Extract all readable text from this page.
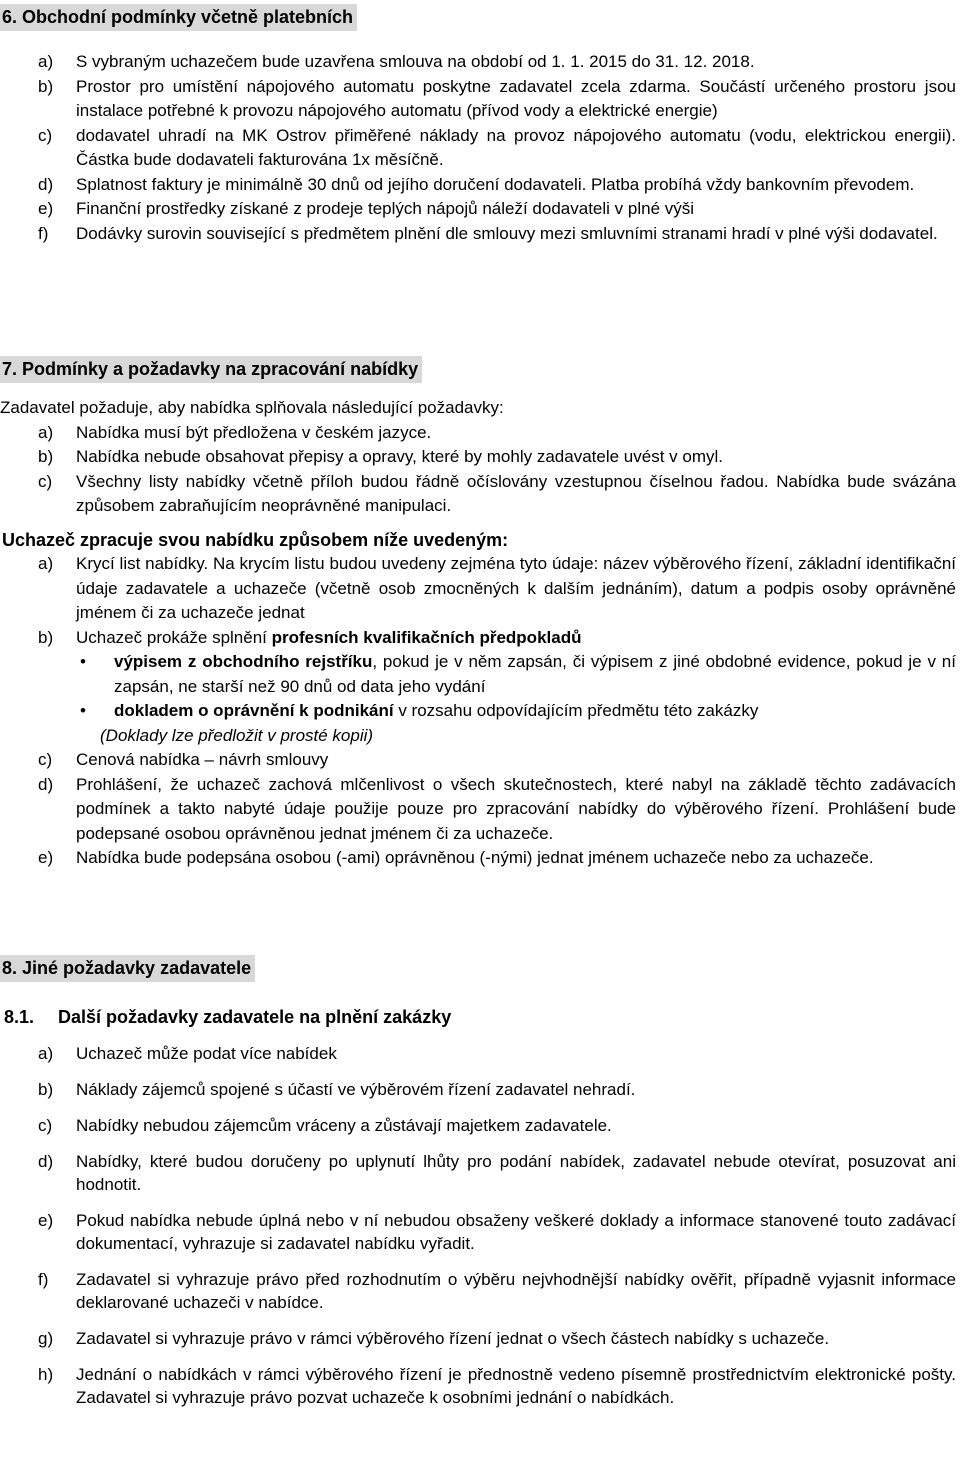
6. Obchodní podmínky včetně platebních
a) S vybraným uchazečem bude uzavřena smlouva na období od 1. 1. 2015 do 31. 12. 2018.
b) Prostor pro umístění nápojového automatu poskytne zadavatel zcela zdarma. Součástí určeného prostoru jsou instalace potřebné k provozu nápojového automatu (přívod vody a elektrické energie)
c) dodavatel uhradí na MK Ostrov přiměřené náklady na provoz nápojového automatu (vodu, elektrickou energii). Částka bude dodavateli fakturována 1x měsíčně.
d) Splatnost faktury je minimálně 30 dnů od jejího doručení dodavateli. Platba probíhá vždy bankovním převodem.
e) Finanční prostředky získané z prodeje teplých nápojů náleží dodavateli v plné výši
f) Dodávky surovin související s předmětem plnění dle smlouvy mezi smluvními stranami hradí v plné výši dodavatel.
7. Podmínky a požadavky na zpracování nabídky
Zadavatel požaduje, aby nabídka splňovala následující požadavky:
a) Nabídka musí být předložena v českém jazyce.
b) Nabídka nebude obsahovat přepisy a opravy, které by mohly zadavatele uvést v omyl.
c) Všechny listy nabídky včetně příloh budou řádně očíslovány vzestupnou číselnou řadou. Nabídka bude svázána způsobem zabraňujícím neoprávněné manipulaci.
Uchazeč zpracuje svou nabídku způsobem níže uvedeným:
a) Krycí list nabídky. Na krycím listu budou uvedeny zejména tyto údaje: název výběrového řízení, základní identifikační údaje zadavatele a uchazeče (včetně osob zmocněných k dalším jednáním), datum a podpis osoby oprávněné jménem či za uchazeče jednat
b) Uchazeč prokáže splnění profesních kvalifikačních předpokladů
• výpisem z obchodního rejstříku, pokud je v něm zapsán, či výpisem z jiné obdobné evidence, pokud je v ní zapsán, ne starší než 90 dnů od data jeho vydání
• dokladem o oprávnění k podnikání v rozsahu odpovídajícím předmětu této zakázky
(Doklady lze předložit v prosté kopii)
c) Cenová nabídka – návrh smlouvy
d) Prohlášení, že uchazeč zachová mlčenlivost o všech skutečnostech, které nabyl na základě těchto zadávacích podmínek a takto nabyté údaje použije pouze pro zpracování nabídky do výběrového řízení. Prohlášení bude podepsané osobou oprávněnou jednat jménem či za uchazeče.
e) Nabídka bude podepsána osobou (-ami) oprávněnou (-nými) jednat jménem uchazeče nebo za uchazeče.
8. Jiné požadavky zadavatele
8.1. Další požadavky zadavatele na plnění zakázky
a) Uchazeč může podat více nabídek
b) Náklady zájemců spojené s účastí ve výběrovém řízení zadavatel nehradí.
c) Nabídky nebudou zájemcům vráceny a zůstávají majetkem zadavatele.
d) Nabídky, které budou doručeny po uplynutí lhůty pro podání nabídek, zadavatel nebude otevírat, posuzovat ani hodnotit.
e) Pokud nabídka nebude úplná nebo v ní nebudou obsaženy veškeré doklady a informace stanovené touto zadávací dokumentací, vyhrazuje si zadavatel nabídku vyřadit.
f) Zadavatel si vyhrazuje právo před rozhodnutím o výběru nejvhodnější nabídky ověřit, případně vyjasnit informace deklarované uchazeči v nabídce.
g) Zadavatel si vyhrazuje právo v rámci výběrového řízení jednat o všech částech nabídky s uchazeče.
h) Jednání o nabídkách v rámci výběrového řízení je přednostně vedeno písemně prostřednictvím elektronické pošty. Zadavatel si vyhrazuje právo pozvat uchazeče k osobními jednání o nabídkách.
